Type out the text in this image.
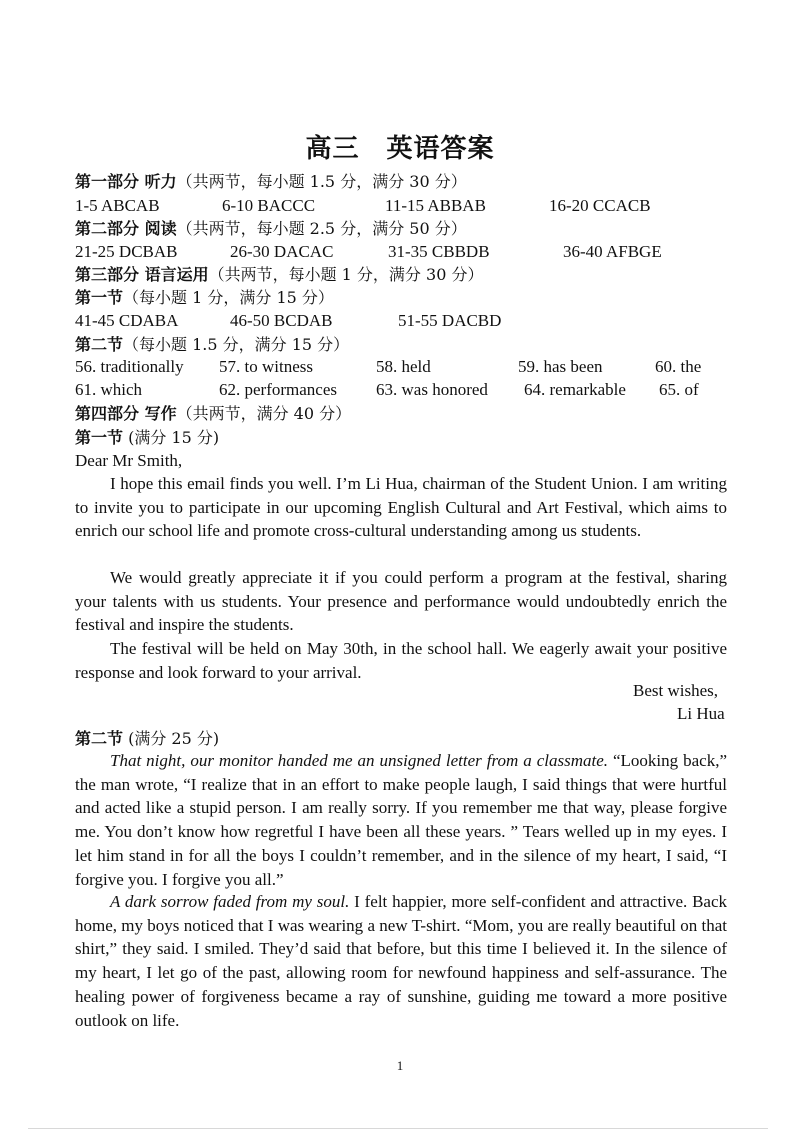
高三　英语答案
第一部分 听力（共两节，每小题 1.5 分，满分 30 分）
1-5 ABCAB	6-10 BACCC	11-15 ABBAB	16-20 CCACB
第二部分 阅读（共两节，每小题 2.5 分，满分 50 分）
21-25 DCBAB	26-30 DACAC	31-35 CBBDB	36-40 AFBGE
第三部分 语言运用（共两节，每小题 1 分，满分 30 分）
第一节（每小题 1 分，满分 15 分）
41-45 CDABA	46-50 BCDAB	51-55 DACBD
第二节（每小题 1.5 分，满分 15 分）
56. traditionally 57. to witness	58. held	59. has been	60. the
61. which	62. performances 63. was honored 64. remarkable 65. of
第四部分 写作（共两节，满分 40 分）
第一节 (满分 15 分)
Dear Mr Smith,
I hope this email finds you well. I’m Li Hua, chairman of the Student Union. I am writing to invite you to participate in our upcoming English Cultural and Art Festival, which aims to enrich our school life and promote cross-cultural understanding among us students.
We would greatly appreciate it if you could perform a program at the festival, sharing your talents with us students. Your presence and performance would undoubtedly enrich the festival and inspire the students.
The festival will be held on May 30th, in the school hall. We eagerly await your positive response and look forward to your arrival.
Best wishes,
Li Hua
第二节 (满分 25 分)
That night, our monitor handed me an unsigned letter from a classmate. “Looking back,” the man wrote, “I realize that in an effort to make people laugh, I said things that were hurtful and acted like a stupid person. I am really sorry. If you remember me that way, please forgive me. You don’t know how regretful I have been all these years. ” Tears welled up in my eyes. I let him stand in for all the boys I couldn’t remember, and in the silence of my heart, I said, “I forgive you. I forgive you all.”
A dark sorrow faded from my soul. I felt happier, more self-confident and attractive. Back home, my boys noticed that I was wearing a new T-shirt. “Mom, you are really beautiful on that shirt,” they said. I smiled. They’d said that before, but this time I believed it. In the silence of my heart, I let go of the past, allowing room for newfound happiness and self-assurance. The healing power of forgiveness became a ray of sunshine, guiding me toward a more positive outlook on life.
1
